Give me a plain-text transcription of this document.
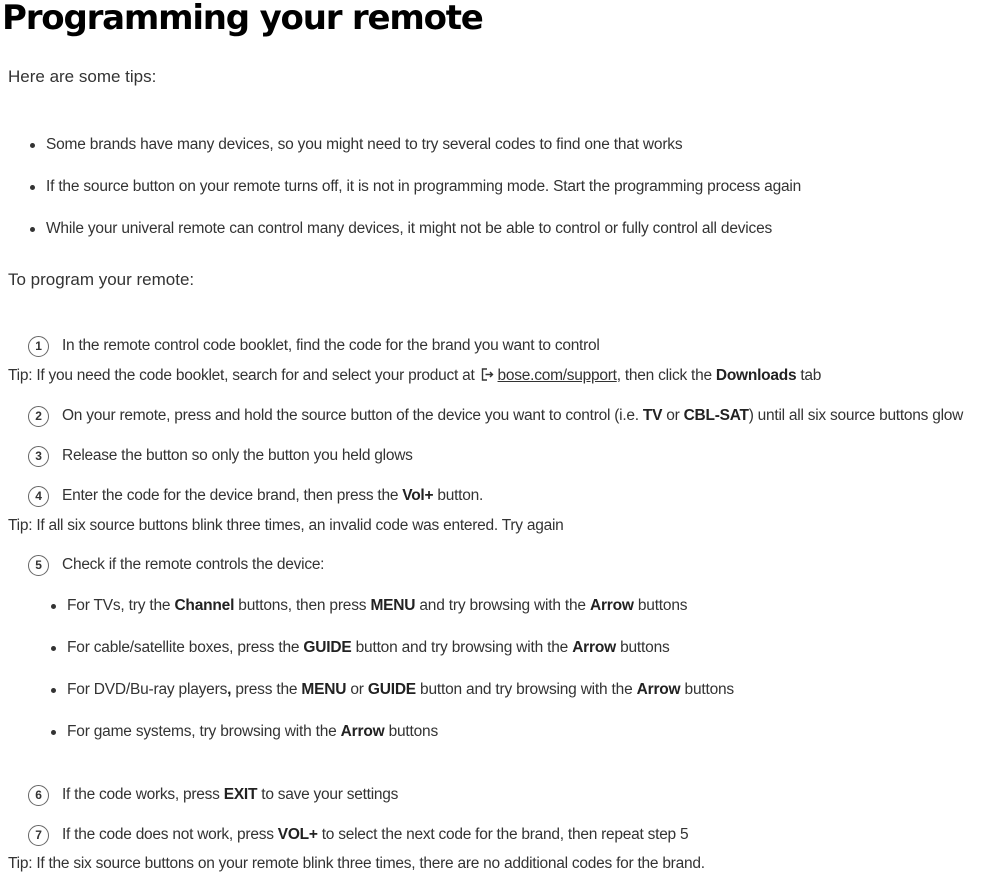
Programming your remote

Here are some tips:

Some brands have many devices, so you might need to try several codes to find one that works
If the source button on your remote turns off, it is not in programming mode. Start the programming process again
While your univeral remote can control many devices, it might not be able to control or fully control all devices

To program your remote:

1	In the remote control code booklet, find the code for the brand you want to control
Tip: If you need the code booklet, search for and select your product at bose.com/support, then click the Downloads tab
2	On your remote, press and hold the source button of the device you want to control (i.e. TV or CBL-SAT) until all six source buttons glow
3	Release the button so only the button you held glows
4	Enter the code for the device brand, then press the Vol+ button.
Tip: If all six source buttons blink three times, an invalid code was entered. Try again
5	Check if the remote controls the device:
For TVs, try the Channel buttons, then press MENU and try browsing with the Arrow buttons
For cable/satellite boxes, press the GUIDE button and try browsing with the Arrow buttons
For DVD/Bu-ray players, press the MENU or GUIDE button and try browsing with the Arrow buttons
For game systems, try browsing with the Arrow buttons
6	If the code works, press EXIT to save your settings
7	If the code does not work, press VOL+ to select the next code for the brand, then repeat step 5
Tip: If the six source buttons on your remote blink three times, there are no additional codes for the brand.
